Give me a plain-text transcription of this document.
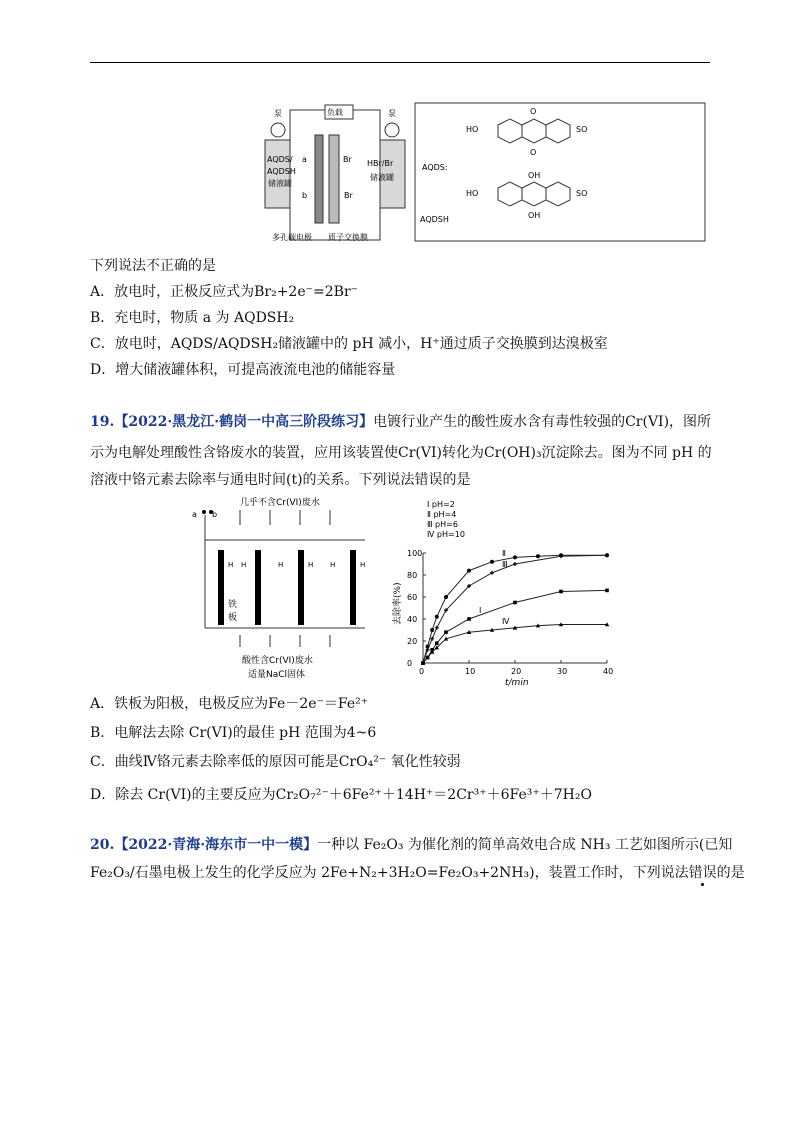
泵	泵
负载
AQDS/
AQDSH
储液罐
HBr/Br
储液罐
a
b
Br
Br
多孔碳电极 质子交换膜
AQDS:
AQDSH
HO	SO
O
O
HO	SO
OH
OH
下列说法不正确的是
A．放电时，正极反应式为Br₂+2e⁻=2Br⁻
B．充电时，物质 a 为 AQDSH₂
C．放电时，AQDS/AQDSH₂储液罐中的 pH 减小，H⁺通过质子交换膜到达溴极室
D．增大储液罐体积，可提高液流电池的储能容量
19.【2022·黑龙江·鹤岗一中高三阶段练习】电镀行业产生的酸性废水含有毒性较强的Cr(VI)，图所
示为电解处理酸性含铬废水的装置，应用该装置使Cr(VI)转化为Cr(OH)₃沉淀除去。图为不同 pH 的
溶液中铬元素去除率与通电时间(t)的关系。下列说法错误的是
几乎不含Cr(VI)废水
a b
H H	H	H H	H
铁
板
酸性含Cr(VI)废水
适量NaCl固体
去除率(%)
t/min
0	10	20	30	40
0
20
40
60
80
100
Ⅰ pH=2
Ⅱ pH=4
Ⅲ pH=6
Ⅳ pH=10
Ⅰ
Ⅱ
Ⅲ
Ⅳ
A．铁板为阳极，电极反应为Fe－2e⁻＝Fe²⁺
B．电解法去除 Cr(VI)的最佳 pH 范围为4~6
C．曲线Ⅳ铬元素去除率低的原因可能是CrO₄²⁻ 氧化性较弱
D．除去 Cr(VI)的主要反应为Cr₂O₇²⁻＋6Fe²⁺＋14H⁺＝2Cr³⁺＋6Fe³⁺＋7H₂O
20.【2022·青海·海东市一中一模】一种以 Fe₂O₃ 为催化剂的简单高效电合成 NH₃ 工艺如图所示(已知
Fe₂O₃/石墨电极上发生的化学反应为 2Fe+N₂+3H₂O=Fe₂O₃+2NH₃)，装置工作时，下列说法错误的是
